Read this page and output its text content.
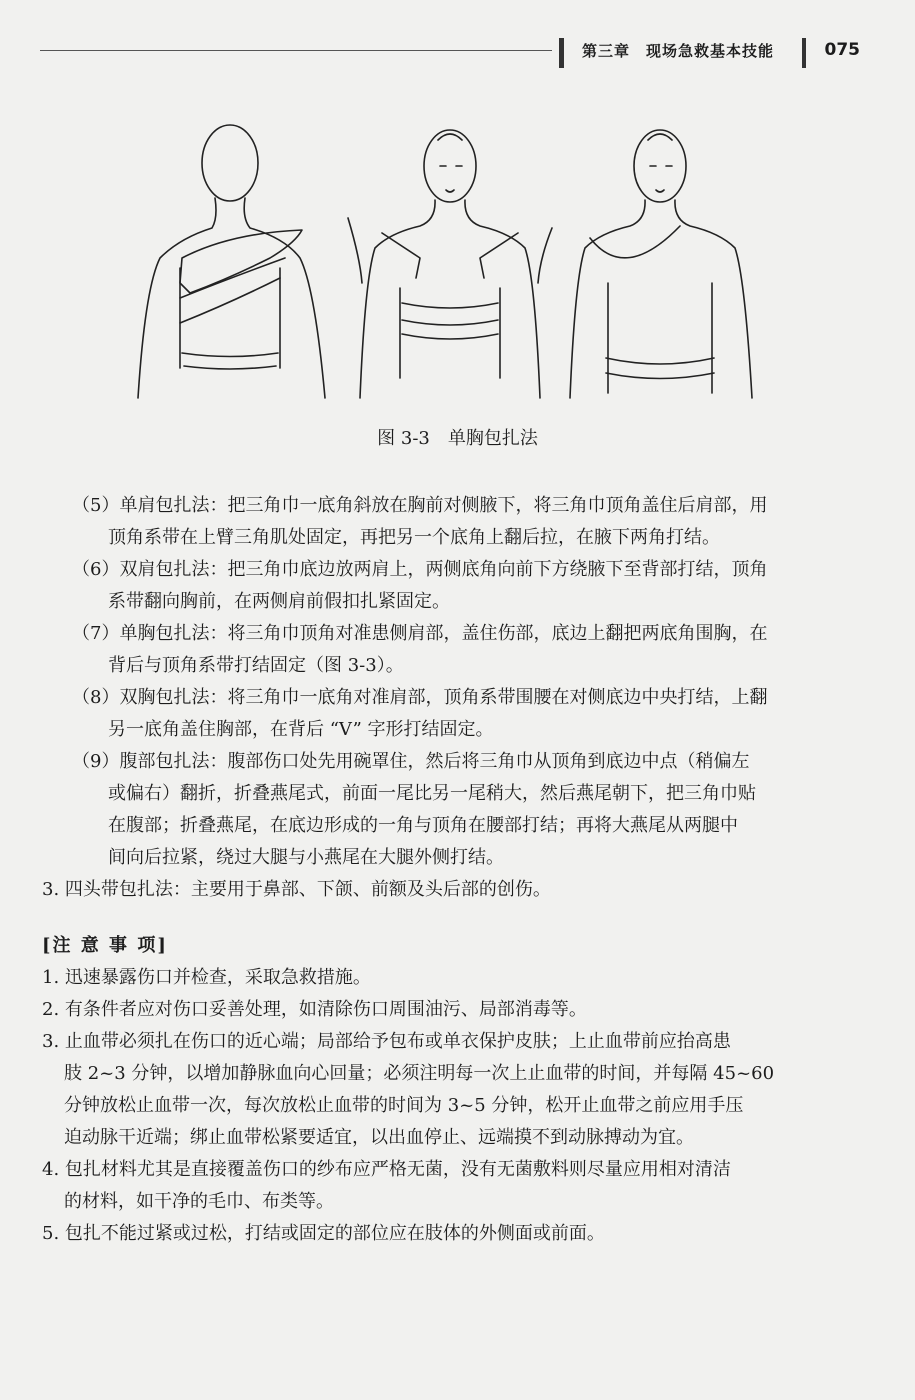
第三章　现场急救基本技能	075
图 3-3　单胸包扎法
（5）单肩包扎法：把三角巾一底角斜放在胸前对侧腋下，将三角巾顶角盖住后肩部，用
顶角系带在上臂三角肌处固定，再把另一个底角上翻后拉，在腋下两角打结。
（6）双肩包扎法：把三角巾底边放两肩上，两侧底角向前下方绕腋下至背部打结，顶角
系带翻向胸前，在两侧肩前假扣扎紧固定。
（7）单胸包扎法：将三角巾顶角对准患侧肩部，盖住伤部，底边上翻把两底角围胸，在
背后与顶角系带打结固定（图 3-3）。
（8）双胸包扎法：将三角巾一底角对准肩部，顶角系带围腰在对侧底边中央打结，上翻
另一底角盖住胸部，在背后 “V” 字形打结固定。
（9）腹部包扎法：腹部伤口处先用碗罩住，然后将三角巾从顶角到底边中点（稍偏左
或偏右）翻折，折叠燕尾式，前面一尾比另一尾稍大，然后燕尾朝下，把三角巾贴
在腹部；折叠燕尾，在底边形成的一角与顶角在腰部打结；再将大燕尾从两腿中
间向后拉紧，绕过大腿与小燕尾在大腿外侧打结。
3. 四头带包扎法：主要用于鼻部、下颌、前额及头后部的创伤。
[注 意 事 项]
1. 迅速暴露伤口并检查，采取急救措施。
2. 有条件者应对伤口妥善处理，如清除伤口周围油污、局部消毒等。
3. 止血带必须扎在伤口的近心端；局部给予包布或单衣保护皮肤；上止血带前应抬高患
肢 2~3 分钟，以增加静脉血向心回量；必须注明每一次上止血带的时间，并每隔 45~60
分钟放松止血带一次，每次放松止血带的时间为 3~5 分钟，松开止血带之前应用手压
迫动脉干近端；绑止血带松紧要适宜，以出血停止、远端摸不到动脉搏动为宜。
4. 包扎材料尤其是直接覆盖伤口的纱布应严格无菌，没有无菌敷料则尽量应用相对清洁
的材料，如干净的毛巾、布类等。
5. 包扎不能过紧或过松，打结或固定的部位应在肢体的外侧面或前面。
